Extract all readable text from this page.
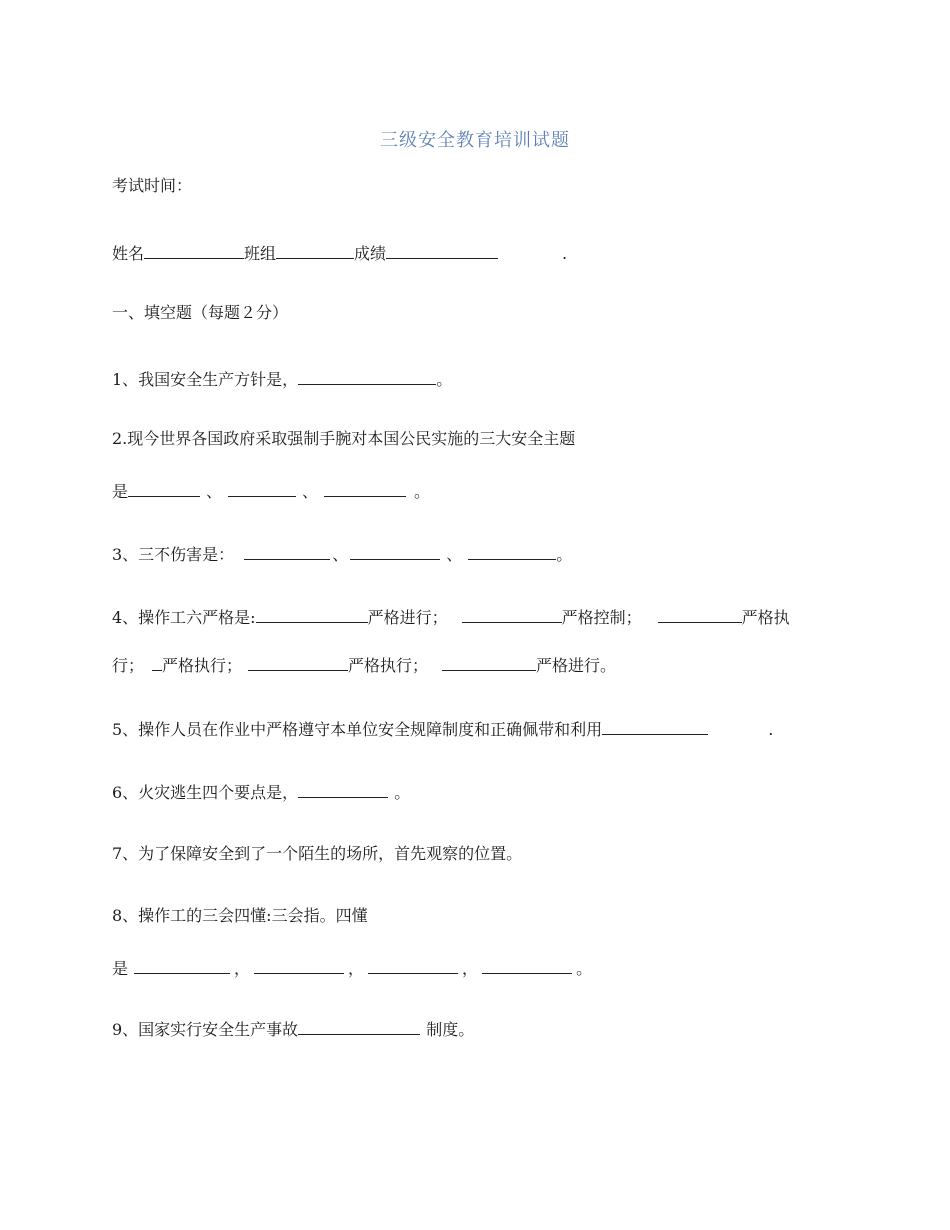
三级安全教育培训试题
考试时间：
姓名	班组	成绩	.
一、填空题（每题２分）
1、我国安全生产方针是，	。
2.现今世界各国政府采取强制手腕对本国公民实施的三大安全主题
是	、	、	。
3、三不伤害是：	、	、	。
4、操作工六严格是:	严格进行；	严格控制；	严格执
行； 严格执行；	严格执行；	严格进行。
5、操作人员在作业中严格遵守本单位安全规障制度和正确佩带和利用	.
6、火灾逃生四个要点是，	。
7、为了保障安全到了一个陌生的场所，首先观察的位置。
8、操作工的三会四懂:三会指。四懂
是	，	，	，	。
9、国家实行安全生产事故	制度。
